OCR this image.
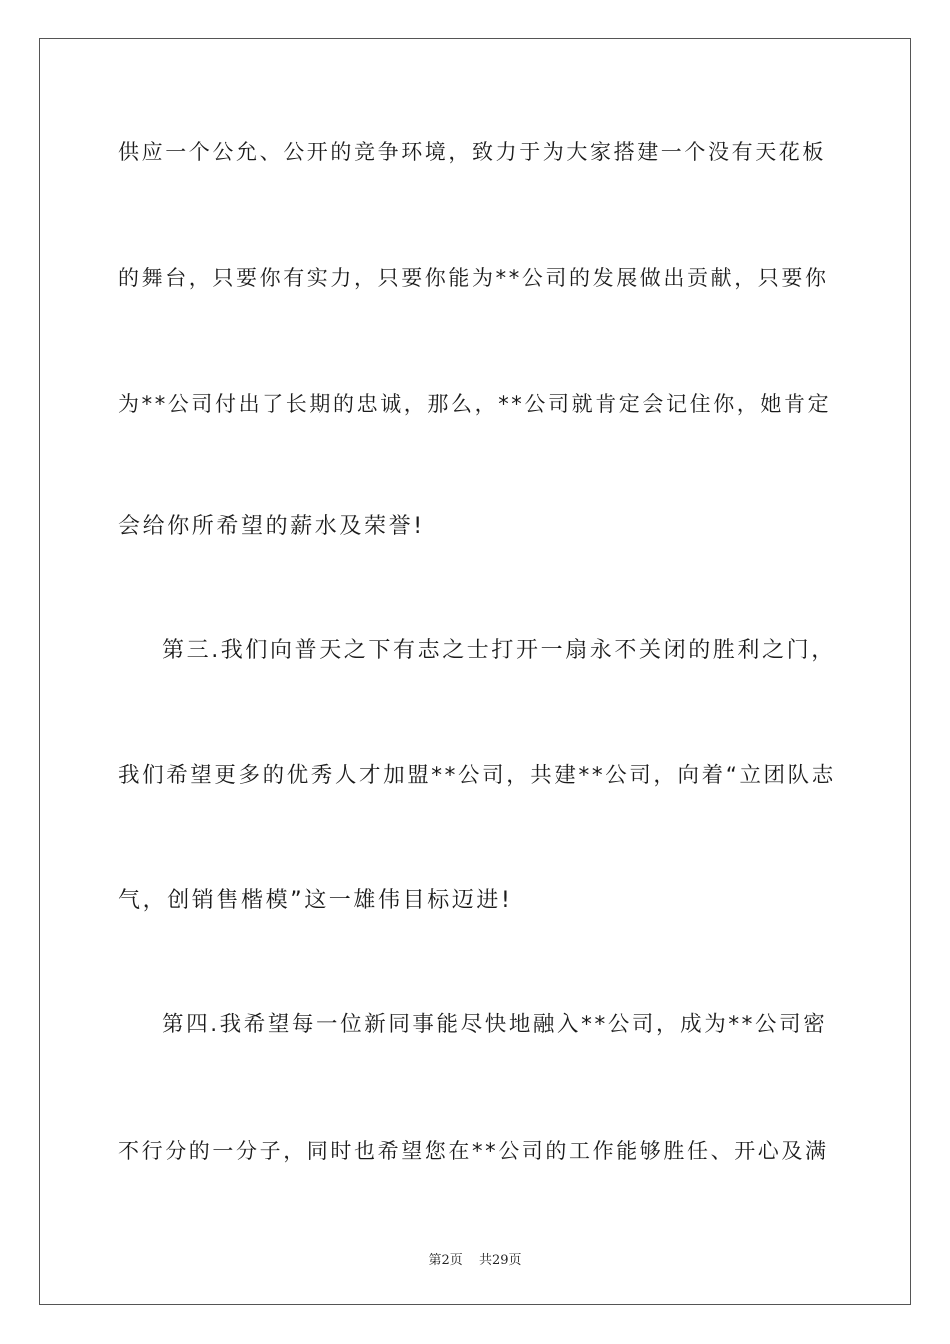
供应一个公允、公开的竞争环境，致力于为大家搭建一个没有天花板

的舞台，只要你有实力，只要你能为**公司的发展做出贡献，只要你

为**公司付出了长期的忠诚，那么，**公司就肯定会记住你，她肯定

会给你所希望的薪水及荣誉!

第三.我们向普天之下有志之士打开一扇永不关闭的胜利之门，

我们希望更多的优秀人才加盟**公司，共建**公司，向着“立团队志

气，创销售楷模”这一雄伟目标迈进!

第四.我希望每一位新同事能尽快地融入**公司，成为**公司密

不行分的一分子，同时也希望您在**公司的工作能够胜任、开心及满

第2页 共29页
